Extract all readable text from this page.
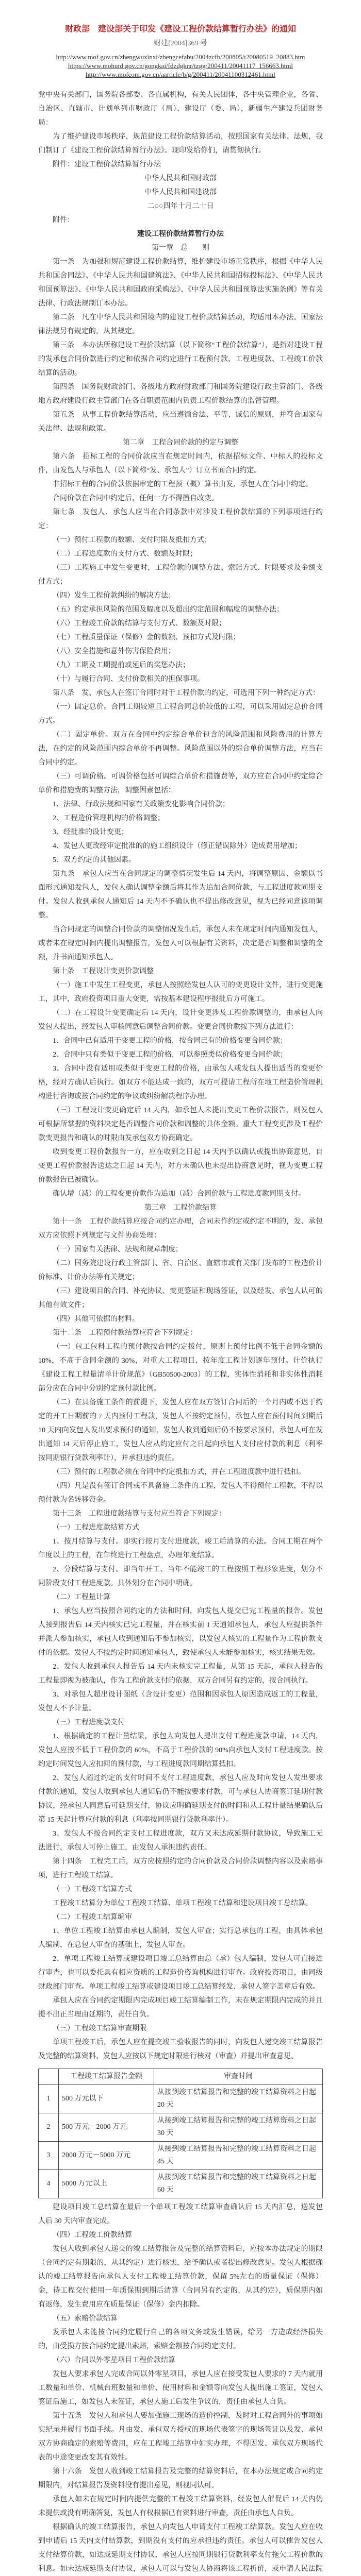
财政部　建设部关于印发《建设工程价款结算暂行办法》的通知
财建[2004]369 号
http://www.mof.gov.cn/zhengwuxinxi/zhengcefabu/2004zcfb/200805/t20080519_20883.htm
https://www.mohurd.gov.cn/gongkai/fdzdgknr/tzgg/200411/20041117_156663.html
http://www.mofcom.gov.cn/aarticle/b/g/200411/20041100312461.html

党中央有关部门，国务院各部委、各直属机构，有关人民团体，各中央管理企业，各省、自治区、直辖市、计划单列市财政厅（局）、建设厅（委、局），新疆生产建设兵团财务局：

为了维护建设市场秩序，规范建设工程价款结算活动，按照国家有关法律、法规，我们制订了《建设工程价款结算暂行办法》。现印发给你们，请贯彻执行。

附件：建设工程价款结算暂行办法

中华人民共和国财政部

中华人民共和国建设部

二○○四年十月二十日

附件：

建设工程价款结算暂行办法

第一章　总　　则

第一条　为加强和规范建设工程价款结算，维护建设市场正常秩序，根据《中华人民共和国合同法》、《中华人民共和国建筑法》、《中华人民共和国招标投标法》、《中华人民共和国预算法》、《中华人民共和国政府采购法》、《中华人民共和国预算法实施条例》等有关法律、行政法规制订本办法。

第二条　凡在中华人民共和国境内的建设工程价款结算活动，均适用本办法。国家法律法规另有规定的，从其规定。

第三条　本办法所称建设工程价款结算（以下简称“工程价款结算”），是指对建设工程的发承包合同价款进行约定和依据合同约定进行工程预付款、工程进度款、工程竣工价款结算的活动。

第四条　国务院财政部门、各级地方政府财政部门和国务院建设行政主管部门、各级地方政府建设行政主管部门在各自职责范围内负责工程价款结算的监督管理。

第五条　从事工程价款结算活动，应当遵循合法、平等、诚信的原则，并符合国家有关法律、法规和政策。

第二章　工程合同价款的约定与调整

第六条　招标工程的合同价款应当在规定时间内，依据招标文件、中标人的投标文件，由发包人与承包人（以下简称“发、承包人”）订立书面合同约定。

非招标工程的合同价款依据审定的工程预（概）算书由发、承包人在合同中约定。

合同价款在合同中约定后，任何一方不得擅自改变。

第七条　发包人、承包人应当在合同条款中对涉及工程价款结算的下列事项进行约定：

（一）预付工程款的数额、支付时限及抵扣方式；

（二）工程进度款的支付方式、数额及时限；

（三）工程施工中发生变更时，工程价款的调整方法、索赔方式、时限要求及金额支付方式；

（四）发生工程价款纠纷的解决方法；

（五）约定承担风险的范围及幅度以及超出约定范围和幅度的调整办法；

（六）工程竣工价款的结算与支付方式、数额及时限；

（七）工程质量保证（保修）金的数额、预扣方式及时限；

（八）安全措施和意外伤害保险费用；

（九）工期及工期提前或延后的奖惩办法；

（十）与履行合同、支付价款相关的担保事项。

第八条　发、承包人在签订合同时对于工程价款的约定，可选用下列一种约定方式：

（一）固定总价。合同工期较短且工程合同总价较低的工程，可以采用固定总价合同方式。

（二）固定单价。双方在合同中约定综合单价包含的风险范围和风险费用的计算方法，在约定的风险范围内综合单价不再调整。风险范围以外的综合单价调整方法，应当在合同中约定。

（三）可调价格。可调价格包括可调综合单价和措施费等，双方应在合同中约定综合单价和措施费的调整方法，调整因素包括：

1、法律、行政法规和国家有关政策变化影响合同价款；

2、工程造价管理机构的价格调整；

3、经批准的设计变更；

4、发包人更改经审定批准的的施工组织设计（修正错误除外）造成费用增加；

5、双方约定的其他因素。

第九条　承包人应当在合同规定的调整情况发生后 14 天内，将调整原因、金额以书面形式通知发包人，发包人确认调整金额后将其作为追加合同价款，与工程进度款同期支付。发包人收到承包人通知后 14 天内不予确认也不提出修改意见，视为已经同意该项调整。

当合同规定的调整合同价款的调整情况发生后，承包人未在规定时间内通知发包人，或者未在规定时间内提出调整报告，发包人可以根据有关资料，决定是否调整和调整的金额，并书面通知承包人。

第十条　工程设计变更价款调整

（一）施工中发生工程变更，承包人按照经发包人认可的变更设计文件，进行变更施工，其中，政府投资项目重大变更，需按基本建设程序报批后方可施工。

（二）在工程设计变更确定后 14 天内，设计变更涉及工程价款调整的，由承包人向发包人提出，经发包人审核同意后调整合同价款。变更合同价款按下列方法进行：

1、合同中已有适用于变更工程的价格，按合同已有的价格变更合同价款；

2、合同中只有类似于变更工程的价格，可以参照类似价格变更合同价款；

3、合同中没有适用或类似于变更工程的价格，由承包人或发包人提出适当的变更价格，经对方确认后执行。如双方不能达成一致的，双方可提请工程所在地工程造价管理机构进行咨询或按合同约定的争议或纠纷解决程序办理。

（三）工程设计变更确定后 14 天内，如承包人未提出变更工程价款报告，则发包人可根据所掌握的资料决定是否调整合同价款和调整的具体金额。重大工程变更涉及工程价款变更报告和确认的时限由发承包双方协商确定。

收到变更工程价款报告一方，应在收到之日起 14 天内予以确认或提出协商意见，自变更工程价款报告送达之日起 14 天内，对方未确认也未提出协商意见时，视为变更工程价款报告已被确认。

确认增（减）的工程变更价款作为追加（减）合同价款与工程进度款同期支付。

第三章　工程价款结算

第十一条　工程价款结算应按合同约定办理，合同未作约定或约定不明的，发、承包双方应依照下列规定与文件协商处理：

（一）国家有关法律、法规和规章制度；

（二）国务院建设行政主管部门、省、自治区、直辖市或有关部门发布的工程造价计价标准、计价办法等有关规定；

（三）建设项目的合同、补充协议、变更签证和现场签证，以及经发、承包人认可的其他有效文件；

（四）其他可依据的材料。

第十二条　工程预付款结算应符合下列规定：

（一）包工包料工程的预付款按合同约定拨付，原则上预付比例不低于合同金额的 10%，不高于合同金额的 30%，对重大工程项目，按年度工程计划逐年预付。计价执行《建设工程工程量清单计价规范》（GB50500-2003）的工程，实体性消耗和非实体性消耗部分应在合同中分别约定预付款比例。

（二）在具备施工条件的前提下，发包人应在双方签订合同后的一个月内或不迟于约定的开工日期前的 7 天内预付工程款，发包人不按约定预付，承包人应在预付时间到期后 10 天内向发包人发出要求预付的通知，发包人收到通知后仍不按要求预付，承包人可在发出通知 14 天后停止施工，发包人应从约定应付之日起向承包人支付应付款的利息（利率按同期银行贷款利率计），并承担违约责任。

（三）预付的工程款必须在合同中约定抵扣方式，并在工程进度款中进行抵扣。

（四）凡是没有签订合同或不具备施工条件的工程，发包人不得预付工程款，不得以预付款为名转移资金。

第十三条　工程进度款结算与支付应当符合下列规定：

（一）工程进度款结算方式

1、按月结算与支付。即实行按月支付进度款，竣工后清算的办法。合同工期在两个年度以上的工程，在年终进行工程盘点，办理年度结算。

2、分段结算与支付。即当年开工、当年不能竣工的工程按照工程形象进度，划分不同阶段支付工程进度款。具体划分在合同中明确。

（二）工程量计算

1、承包人应当按照合同约定的方法和时间，向发包人提交已完工程量的报告。发包人接到报告后 14 天内核实已完工程量，并在核实前 1 天通知承包人，承包人应提供条件并派人参加核实，承包人收到通知后不参加核实，以发包人核实的工程量作为工程价款支付的依据。发包人不按约定时间通知承包人，致使承包人未能参加核实，核实结果无效。

2、发包人收到承包人报告后 14 天内未核实完工程量，从第 15 天起，承包人报告的工程量即视为被确认，作为工程价款支付的依据，双方合同另有约定的，按合同执行。

3、对承包人超出设计图纸（含设计变更）范围和因承包人原因造成返工的工程量，发包人不予计量。

（三）工程进度款支付

1、根据确定的工程计量结果，承包人向发包人提出支付工程进度款申请，14 天内，发包人应按不低于工程价款的 60%，不高于工程价款的 90%向承包人支付工程进度款。按约定时间发包人应扣回的预付款，与工程进度款同期结算抵扣。

2、发包人超过约定的支付时间不支付工程进度款，承包人应及时向发包人发出要求付款的通知，发包人收到承包人通知后仍不能按要求付款，可与承包人协商签订延期付款协议，经承包人同意后可延期支付，协议应明确延期支付的时间和从工程计量结果确认后第 15 天起计算应付款的利息（利率按同期银行贷款利率计）。

3、发包人不按合同约定支付工程进度款，双方又未达成延期付款协议，导致施工无法进行，承包人可停止施工，由发包人承担违约责任。

第十四条　工程完工后，双方应按照约定的合同价款及合同价款调整内容以及索赔事项，进行工程竣工结算。

（一）工程竣工结算方式

工程竣工结算分为单位工程竣工结算、单项工程竣工结算和建设项目竣工总结算。

（二）工程竣工结算编审

1、单位工程竣工结算由承包人编制，发包人审查；实行总承包的工程，由具体承包人编制，在总包人审查的基础上，发包人审查。

2、单项工程竣工结算或建设项目竣工总结算由总（承）包人编制，发包人可直接进行审查，也可以委托具有相应资质的工程造价咨询机构进行审查。政府投资项目，由同级财政部门审查。单项工程竣工结算或建设项目竣工总结算经发、承包人签字盖章后有效。

承包人应在合同约定期限内完成项目竣工结算编制工作，未在规定期限内完成的并且提不出正当理由延期的，责任自负。

（三）工程竣工结算审查期限

单项工程竣工后，承包人应在提交竣工验收报告的同时，向发包人递交竣工结算报告及完整的结算资料，发包人应按以下规定时限进行核对（审查）并提出审查意见。

	工程竣工结算报告金额	审查时间
1	500 万元以下	从接到竣工结算报告和完整的竣工结算资料之日起 20 天
2	500 万元－2000 万元	从接到竣工结算报告和完整的竣工结算资料之日起 30 天
3	2000 万元－5000 万元	从接到竣工结算报告和完整的竣工结算资料之日起 45 天
4	5000 万元以上	从接到竣工结算报告和完整的竣工结算资料之日起 60 天

建设项目竣工总结算在最后一个单项工程竣工结算审查确认后 15 天内汇总，送发包人后 30 天内审查完成。

（四）工程竣工价款结算

发包人收到承包人递交的竣工结算报告及完整的结算资料后，应按本办法规定的期限（合同约定有期限的，从其约定）进行核实，给予确认或者提出修改意见。发包人根据确认的竣工结算报告向承包人支付工程竣工结算价款，保留 5%左右的质量保证（保修）金，待工程交付使用一年质保期到期后清算（合同另有约定的，从其约定），质保期内如有返修，发生费用应在质量保证（保修）金内扣除。

（五）索赔价款结算

发承包人未能按合同约定履行自己的各项义务或发生错误，给另一方造成经济损失的，由受损方按合同约定提出索赔，索赔金额按合同约定支付。

（六）合同以外零星项目工程价款结算

发包人要求承包人完成合同以外零星项目，承包人应在接受发包人要求的 7 天内就用工数量和单价、机械台班数量和单价、使用材料和金额等向发包人提出施工签证，发包人签证后施工，如发包人未签证，承包人施工后发生争议的，责任由承包人自负。

第十五条　发包人和承包人要加强施工现场的造价控制，及时对工程合同外的事项如实纪录并履行书面手续。凡由发、承包双方授权的现场代表签字的现场签证以及发、承包双方协商确定的索赔等费用，应在工程竣工结算中如实办理，不得因发、承包双方现场代表的中途变更改变其有效性。

第十六条　发包人收到竣工结算报告及完整的结算资料后，在本办法规定或合同约定期限内，对结算报告及资料没有提出意见，则视同认可。

承包人如未在规定时间内提供完整的工程竣工结算资料，经发包人催促后 14 天内仍未提供或没有明确答复，发包人有权根据已有资料进行审查，责任由承包人自负。

根据确认的竣工结算报告，承包人向发包人申请支付工程竣工结算款。发包人应在收到申请后 15 天内支付结算款，到期没有支付的应承担违约责任。承包人可以催告发包人支付结算价款，如达成延期支付协议，承包人应按同期银行贷款利率支付拖欠工程价款的利息。如未达成延期支付协议，承包人可以与发包人协商将该工程折价，或申请人民法院
